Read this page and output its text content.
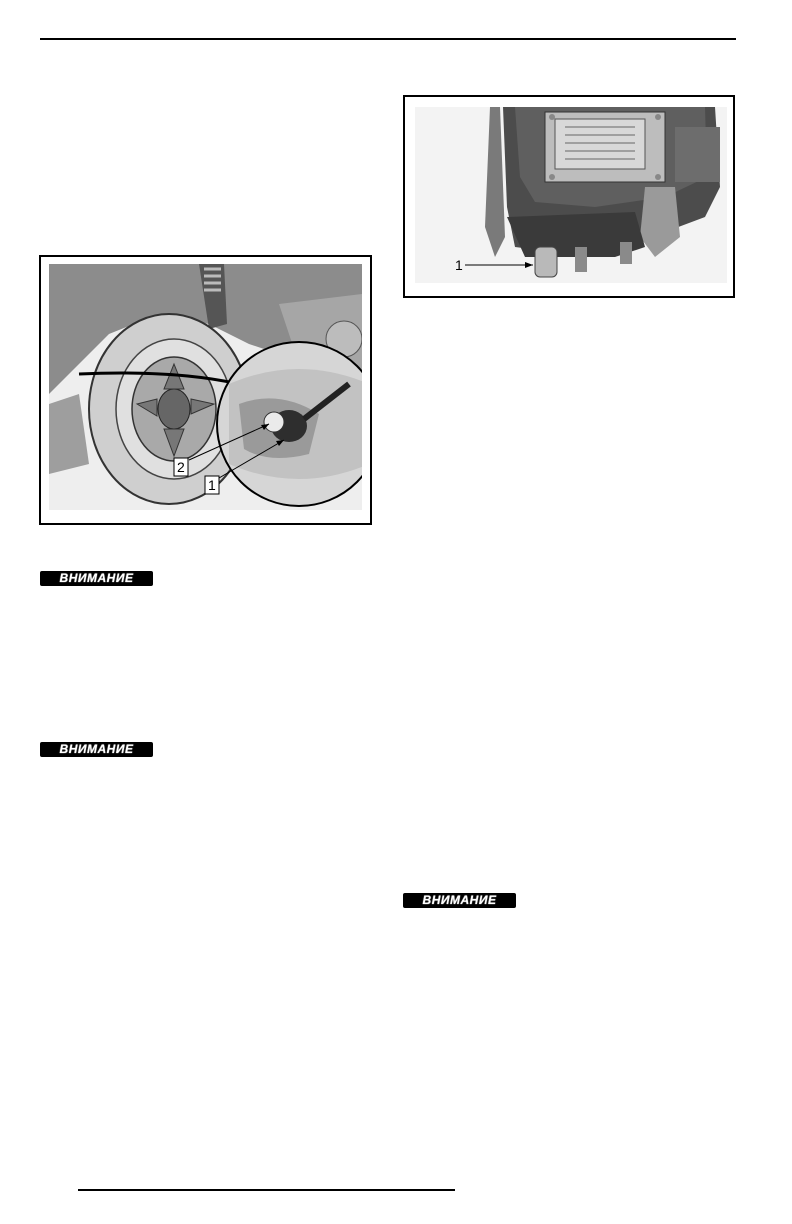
1
2
1
ВНИМАНИЕ
ВНИМАНИЕ
ВНИМАНИЕ
